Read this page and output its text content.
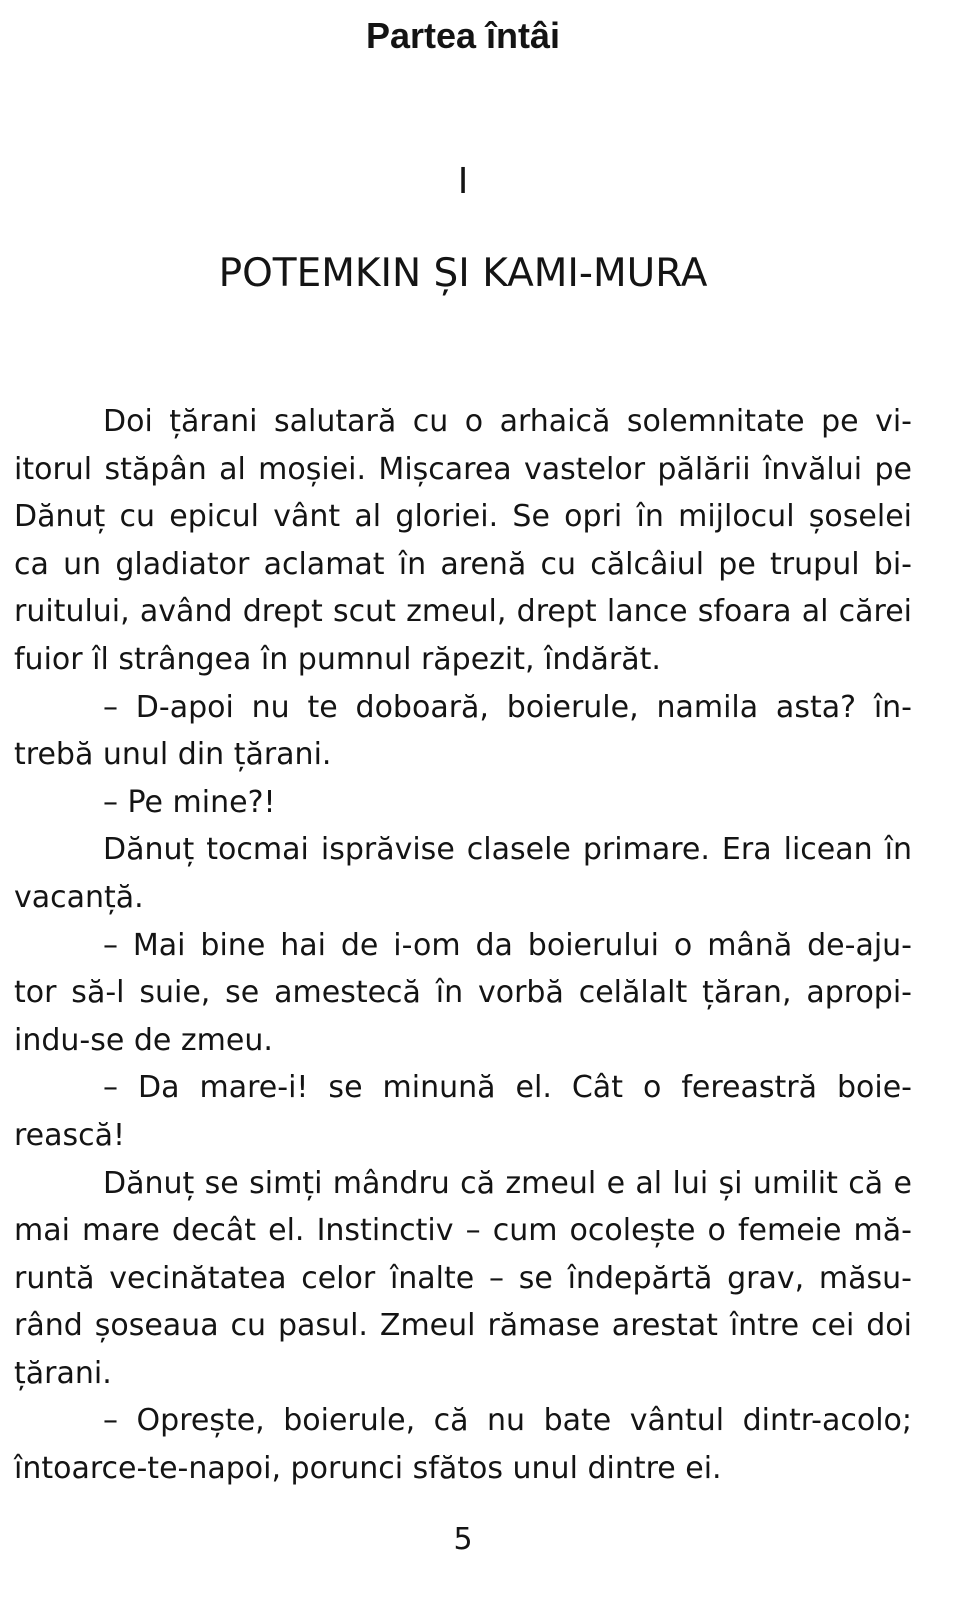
Partea întâi
I
POTEMKIN ȘI KAMI-MURA
Doi țărani salutară cu o arhaică solemnitate pe vi-
itorul stăpân al moșiei. Mișcarea vastelor pălării învălui pe
Dănuț cu epicul vânt al gloriei. Se opri în mijlocul șoselei
ca un gladiator aclamat în arenă cu călcâiul pe trupul bi-
ruitului, având drept scut zmeul, drept lance sfoara al cărei
fuior îl strângea în pumnul răpezit, îndărăt.
– D-apoi nu te doboară, boierule, namila asta? în-
trebă unul din țărani.
– Pe mine?!
Dănuț tocmai isprăvise clasele primare. Era licean în
vacanță.
– Mai bine hai de i-om da boierului o mână de-aju-
tor să-l suie, se amestecă în vorbă celălalt țăran, apropi-
indu-se de zmeu.
– Da mare-i! se minună el. Cât o fereastră boie-
rească!
Dănuț se simți mândru că zmeul e al lui și umilit că e
mai mare decât el. Instinctiv – cum ocolește o femeie mă-
runtă vecinătatea celor înalte – se îndepărtă grav, măsu-
rând șoseaua cu pasul. Zmeul rămase arestat între cei doi
țărani.
– Oprește, boierule, că nu bate vântul dintr-acolo;
întoarce-te-napoi, porunci sfătos unul dintre ei.
5
